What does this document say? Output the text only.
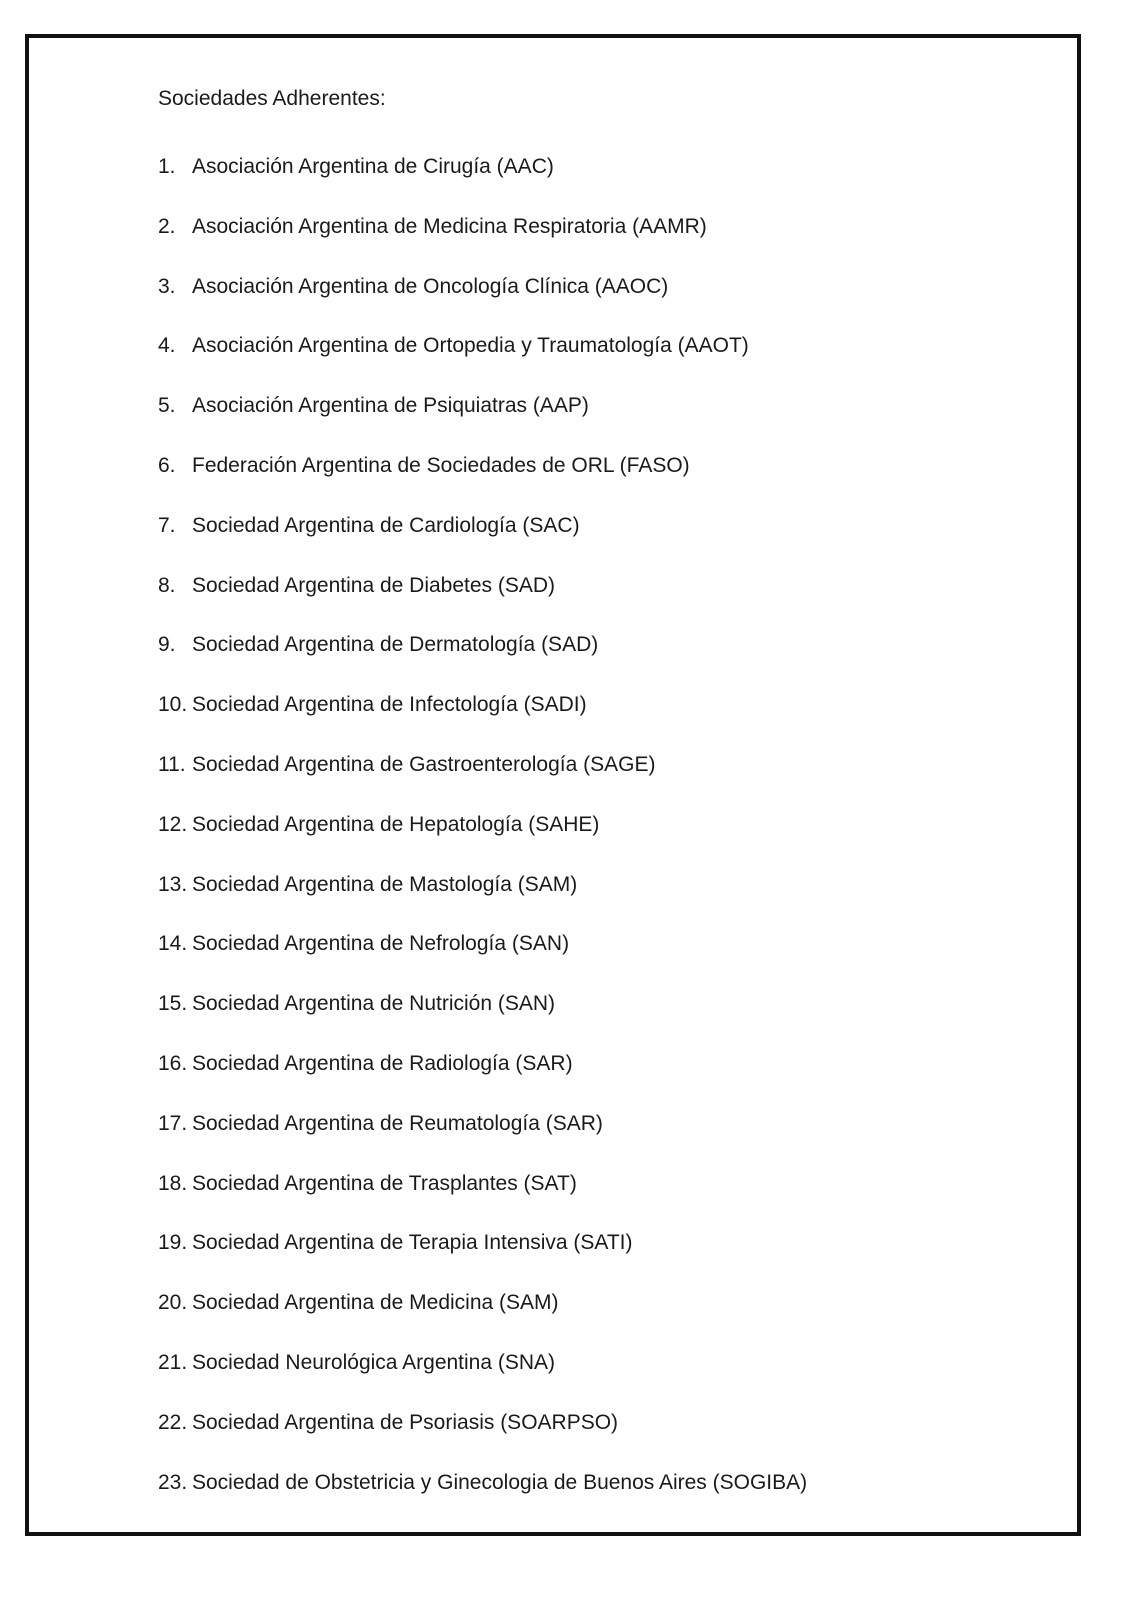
Sociedades Adherentes:
1. Asociación Argentina de Cirugía (AAC)
2. Asociación Argentina de Medicina Respiratoria (AAMR)
3. Asociación Argentina de Oncología Clínica (AAOC)
4. Asociación Argentina de Ortopedia y Traumatología (AAOT)
5. Asociación Argentina de Psiquiatras (AAP)
6. Federación Argentina de Sociedades de ORL (FASO)
7. Sociedad Argentina de Cardiología (SAC)
8. Sociedad Argentina de Diabetes (SAD)
9. Sociedad Argentina de Dermatología (SAD)
10. Sociedad Argentina de Infectología (SADI)
11. Sociedad Argentina de Gastroenterología (SAGE)
12. Sociedad Argentina de Hepatología (SAHE)
13. Sociedad Argentina de Mastología (SAM)
14. Sociedad Argentina de Nefrología (SAN)
15. Sociedad Argentina de Nutrición (SAN)
16. Sociedad Argentina de Radiología (SAR)
17. Sociedad Argentina de Reumatología (SAR)
18. Sociedad Argentina de Trasplantes (SAT)
19. Sociedad Argentina de Terapia Intensiva (SATI)
20. Sociedad Argentina de Medicina (SAM)
21. Sociedad Neurológica Argentina (SNA)
22. Sociedad Argentina de Psoriasis (SOARPSO)
23. Sociedad de Obstetricia y Ginecologia de Buenos Aires (SOGIBA)
